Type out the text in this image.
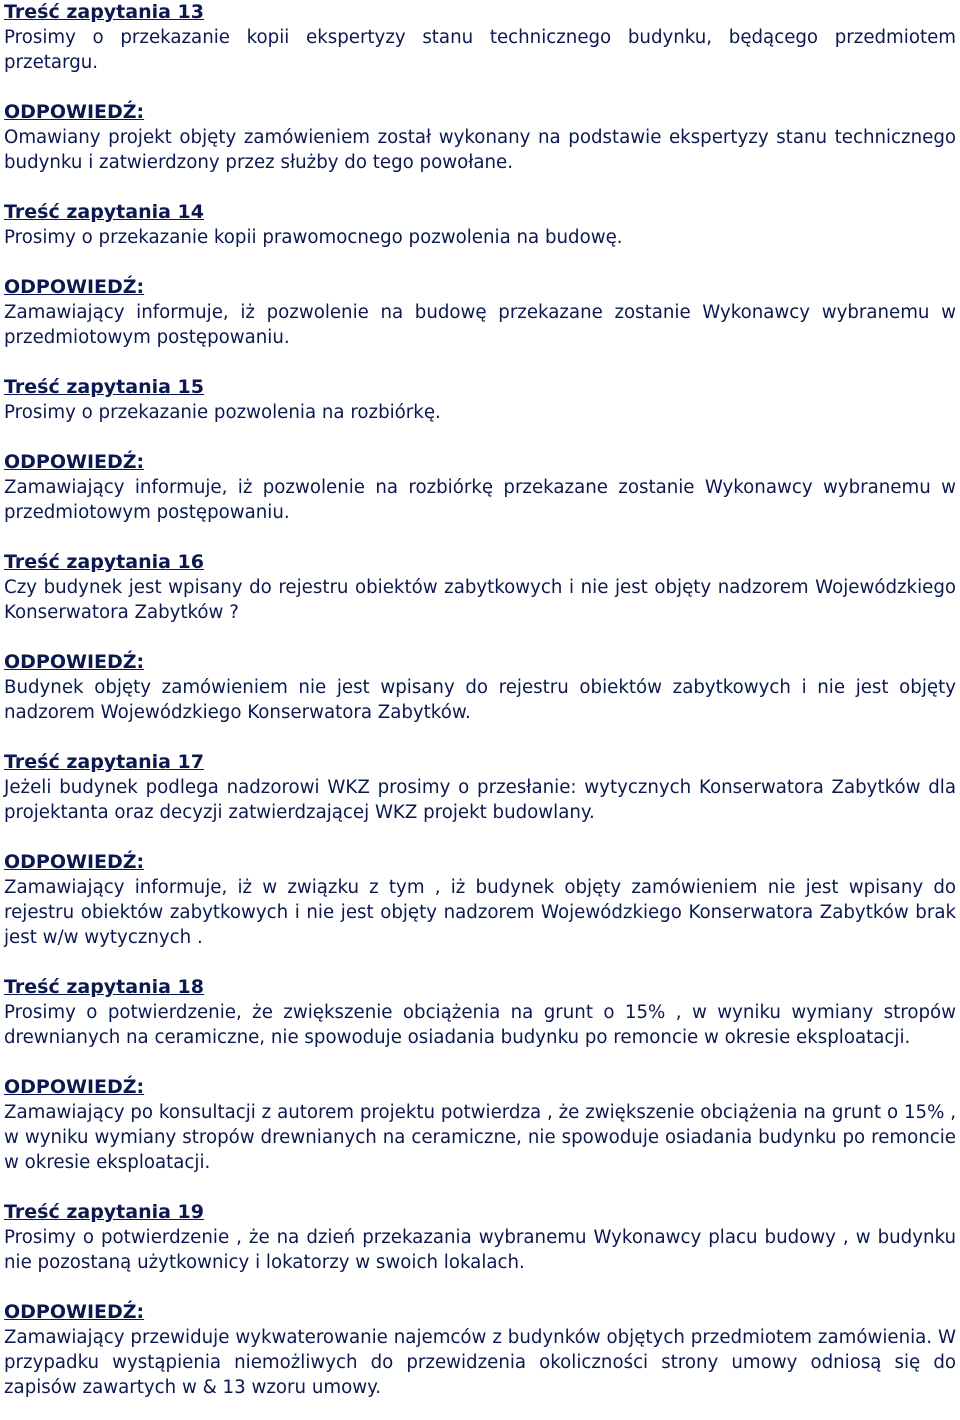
Treść zapytania 13

Prosimy o przekazanie kopii ekspertyzy stanu technicznego budynku, będącego przedmiotem przetargu.

ODPOWIEDŹ:

Omawiany projekt objęty zamówieniem został wykonany na podstawie ekspertyzy stanu technicznego budynku i zatwierdzony przez służby do tego powołane.

Treść zapytania 14

Prosimy o przekazanie kopii prawomocnego pozwolenia na budowę.

ODPOWIEDŹ:

Zamawiający informuje, iż pozwolenie na budowę przekazane zostanie Wykonawcy wybranemu w przedmiotowym postępowaniu.

Treść zapytania 15

Prosimy o przekazanie pozwolenia na rozbiórkę.

ODPOWIEDŹ:

Zamawiający informuje, iż pozwolenie na rozbiórkę przekazane zostanie Wykonawcy wybranemu w przedmiotowym postępowaniu.

Treść zapytania 16

Czy budynek jest wpisany do rejestru obiektów zabytkowych i nie jest objęty nadzorem Wojewódzkiego Konserwatora Zabytków ?

ODPOWIEDŹ:

Budynek objęty zamówieniem nie jest wpisany do rejestru obiektów zabytkowych i nie jest objęty nadzorem Wojewódzkiego Konserwatora Zabytków.

Treść zapytania 17

Jeżeli budynek podlega nadzorowi WKZ prosimy o przesłanie: wytycznych Konserwatora Zabytków dla projektanta oraz decyzji zatwierdzającej WKZ projekt budowlany.

ODPOWIEDŹ:

Zamawiający informuje, iż w związku z tym , iż budynek objęty zamówieniem nie jest wpisany do rejestru obiektów zabytkowych i nie jest objęty nadzorem Wojewódzkiego Konserwatora Zabytków brak jest w/w wytycznych .

Treść zapytania 18

Prosimy o potwierdzenie, że zwiększenie obciążenia na grunt o 15% , w wyniku wymiany stropów drewnianych na ceramiczne, nie spowoduje osiadania budynku po remoncie w okresie eksploatacji.

ODPOWIEDŹ:

Zamawiający po konsultacji z autorem projektu potwierdza , że zwiększenie obciążenia na grunt o 15% , w wyniku wymiany stropów drewnianych na ceramiczne, nie spowoduje osiadania budynku po remoncie w okresie eksploatacji.

Treść zapytania 19

Prosimy o potwierdzenie , że na dzień przekazania wybranemu Wykonawcy placu budowy , w budynku nie pozostaną użytkownicy i lokatorzy w swoich lokalach.

ODPOWIEDŹ:

Zamawiający przewiduje wykwaterowanie najemców z budynków objętych przedmiotem zamówienia. W przypadku wystąpienia niemożliwych do przewidzenia okoliczności strony umowy odniosą się do zapisów zawartych w & 13 wzoru umowy.
